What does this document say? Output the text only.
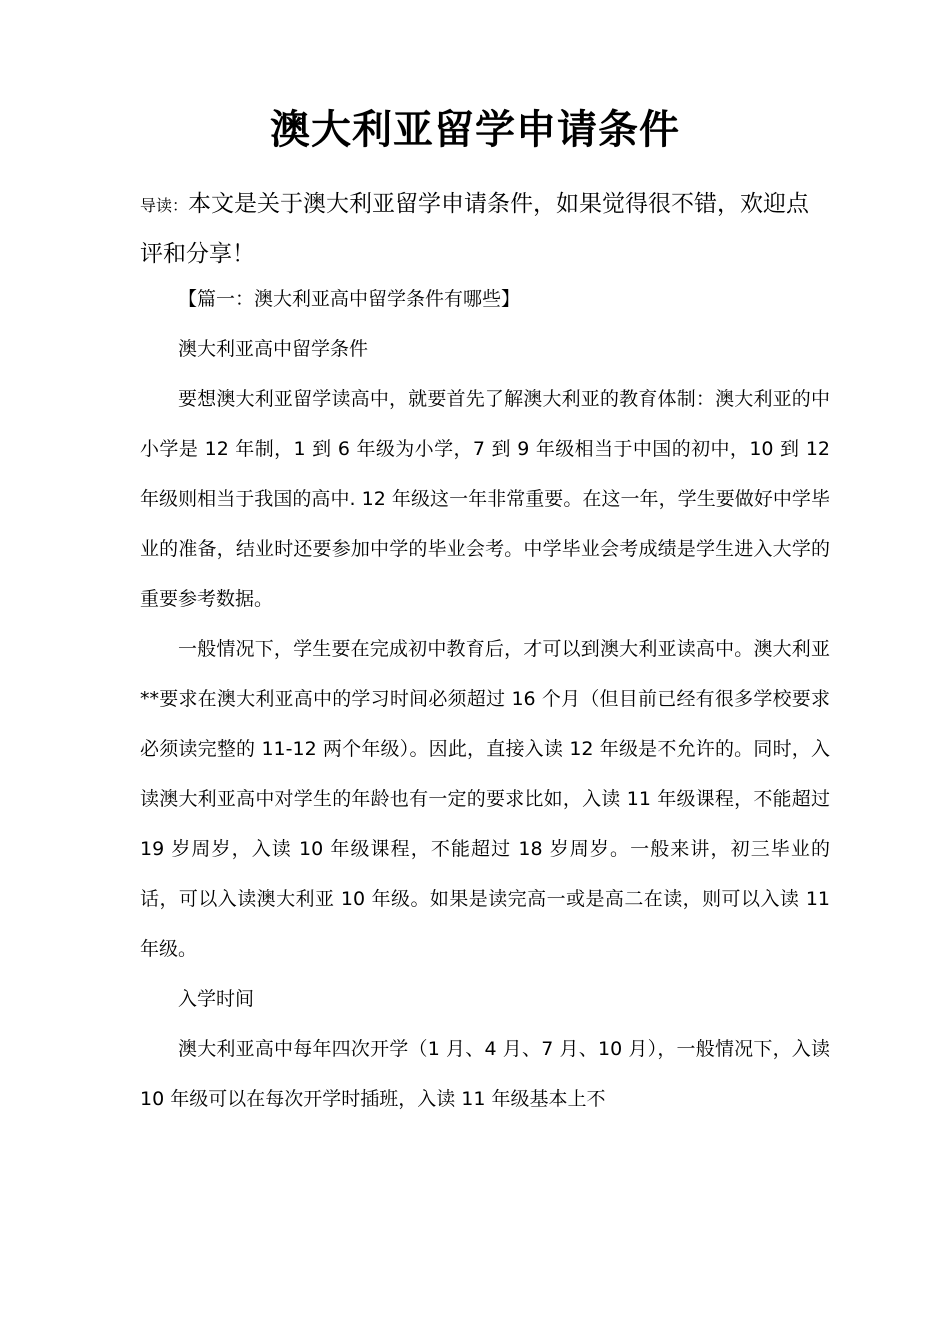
澳大利亚留学申请条件
导读：本文是关于澳大利亚留学申请条件，如果觉得很不错，欢迎点评和分享！

【篇一：澳大利亚高中留学条件有哪些】

澳大利亚高中留学条件

要想澳大利亚留学读高中，就要首先了解澳大利亚的教育体制：澳大利亚的中小学是 12 年制，1 到 6 年级为小学，7 到 9 年级相当于中国的初中，10 到 12 年级则相当于我国的高中. 12 年级这一年非常重要。在这一年，学生要做好中学毕业的准备，结业时还要参加中学的毕业会考。中学毕业会考成绩是学生进入大学的重要参考数据。

一般情况下，学生要在完成初中教育后，才可以到澳大利亚读高中。澳大利亚**要求在澳大利亚高中的学习时间必须超过 16 个月（但目前已经有很多学校要求必须读完整的 11-12 两个年级）。因此，直接入读 12 年级是不允许的。同时，入读澳大利亚高中对学生的年龄也有一定的要求比如，入读 11 年级课程，不能超过 19 岁周岁，入读 10 年级课程，不能超过 18 岁周岁。一般来讲，初三毕业的话，可以入读澳大利亚 10 年级。如果是读完高一或是高二在读，则可以入读 11 年级。

入学时间

澳大利亚高中每年四次开学（1 月、4 月、7 月、10 月），一般情况下，入读 10 年级可以在每次开学时插班，入读 11 年级基本上不
